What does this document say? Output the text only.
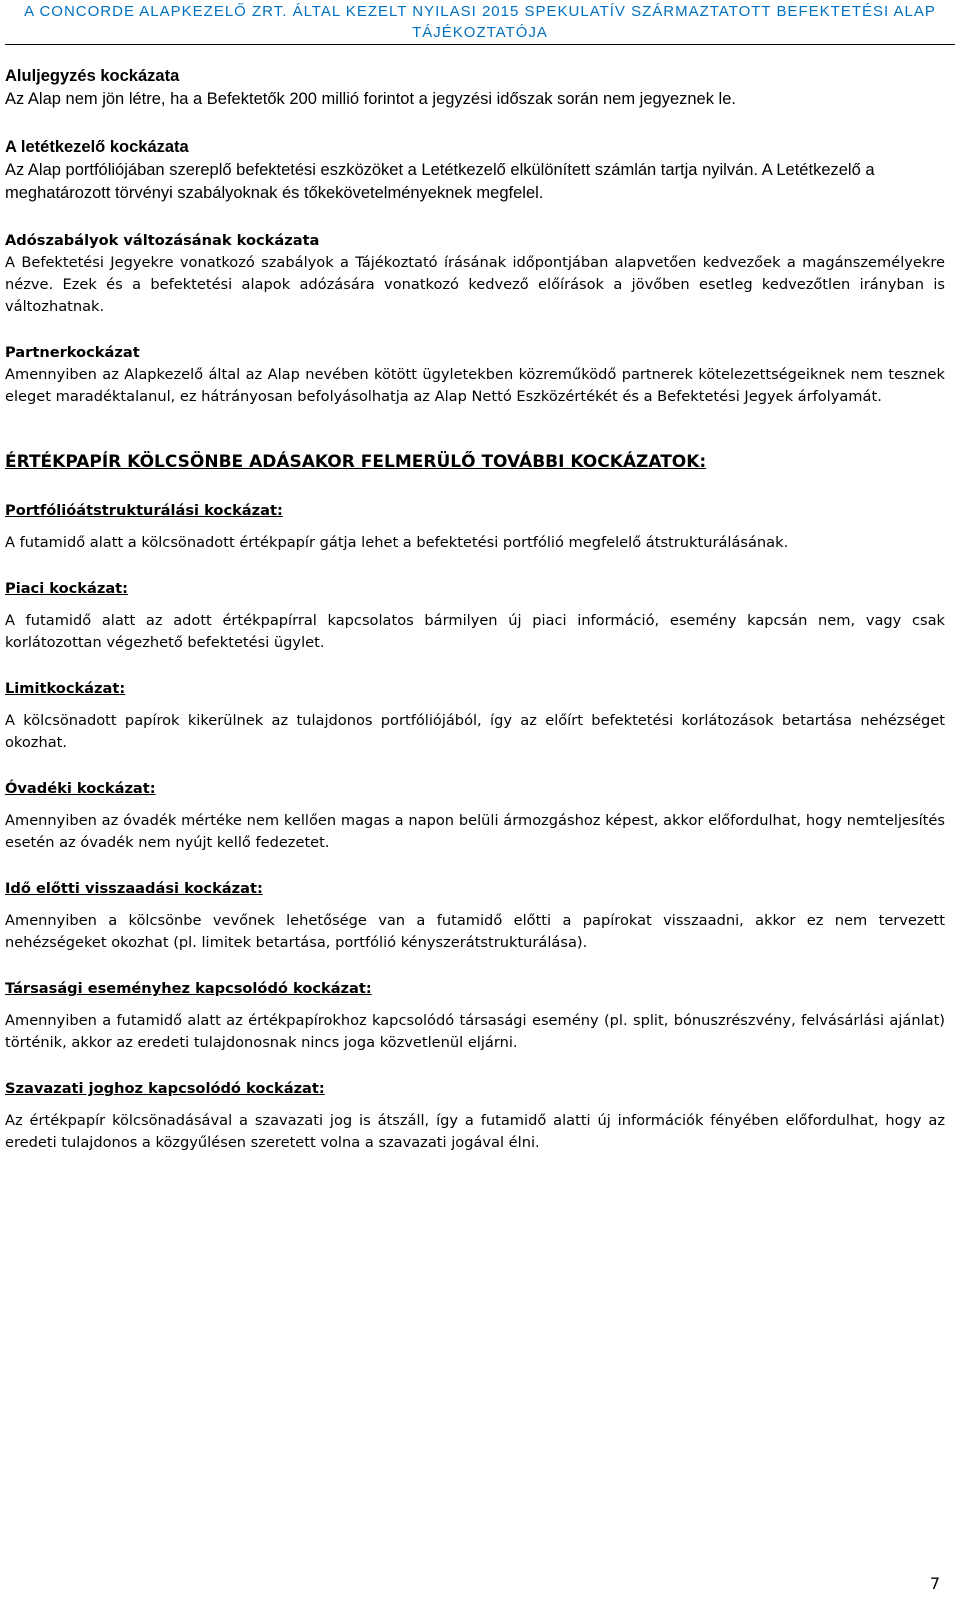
A CONCORDE ALAPKEZELŐ ZRT. ÁLTAL KEZELT NYILASI 2015 SPEKULATÍV SZÁRMAZTATOTT BEFEKTETÉSI ALAP
TÁJÉKOZTATÓJA

Aluljegyzés kockázata

Az Alap nem jön létre, ha a Befektetők 200 millió forintot a jegyzési időszak során nem jegyeznek le.

A letétkezelő kockázata

Az Alap portfóliójában szereplő befektetési eszközöket a Letétkezelő elkülönített számlán tartja nyilván. A Letétkezelő a meghatározott törvényi szabályoknak és tőkekövetelményeknek megfelel.

Adószabályok változásának kockázata

A Befektetési Jegyekre vonatkozó szabályok a Tájékoztató írásának időpontjában alapvetően kedvezőek a magánszemélyekre nézve. Ezek és a befektetési alapok adózására vonatkozó kedvező előírások a jövőben esetleg kedvezőtlen irányban is változhatnak.

Partnerkockázat

Amennyiben az Alapkezelő által az Alap nevében kötött ügyletekben közreműködő partnerek kötelezettségeiknek nem tesznek eleget maradéktalanul, ez hátrányosan befolyásolhatja az Alap Nettó Eszközértékét és a Befektetési Jegyek árfolyamát.

ÉRTÉKPAPÍR KÖLCSÖNBE ADÁSAKOR FELMERÜLŐ TOVÁBBI KOCKÁZATOK:

Portfólióátstrukturálási kockázat:

A futamidő alatt a kölcsönadott értékpapír gátja lehet a befektetési portfólió megfelelő átstrukturálásának.

Piaci kockázat:

A futamidő alatt az adott értékpapírral kapcsolatos bármilyen új piaci információ, esemény kapcsán nem, vagy csak korlátozottan végezhető befektetési ügylet.

Limitkockázat:

A kölcsönadott papírok kikerülnek az tulajdonos portfóliójából, így az előírt befektetési korlátozások betartása nehézséget okozhat.

Óvadéki kockázat:

Amennyiben az óvadék mértéke nem kellően magas a napon belüli ármozgáshoz képest, akkor előfordulhat, hogy nemteljesítés esetén az óvadék nem nyújt kellő fedezetet.

Idő előtti visszaadási kockázat:

Amennyiben a kölcsönbe vevőnek lehetősége van a futamidő előtti a papírokat visszaadni, akkor ez nem tervezett nehézségeket okozhat (pl. limitek betartása, portfólió kényszerátstrukturálása).

Társasági eseményhez kapcsolódó kockázat:

Amennyiben a futamidő alatt az értékpapírokhoz kapcsolódó társasági esemény (pl. split, bónuszrészvény, felvásárlási ajánlat) történik, akkor az eredeti tulajdonosnak nincs joga közvetlenül eljárni.

Szavazati joghoz kapcsolódó kockázat:

Az értékpapír kölcsönadásával a szavazati jog is átszáll, így a futamidő alatti új információk fényében előfordulhat, hogy az eredeti tulajdonos a közgyűlésen szeretett volna a szavazati jogával élni.

7
